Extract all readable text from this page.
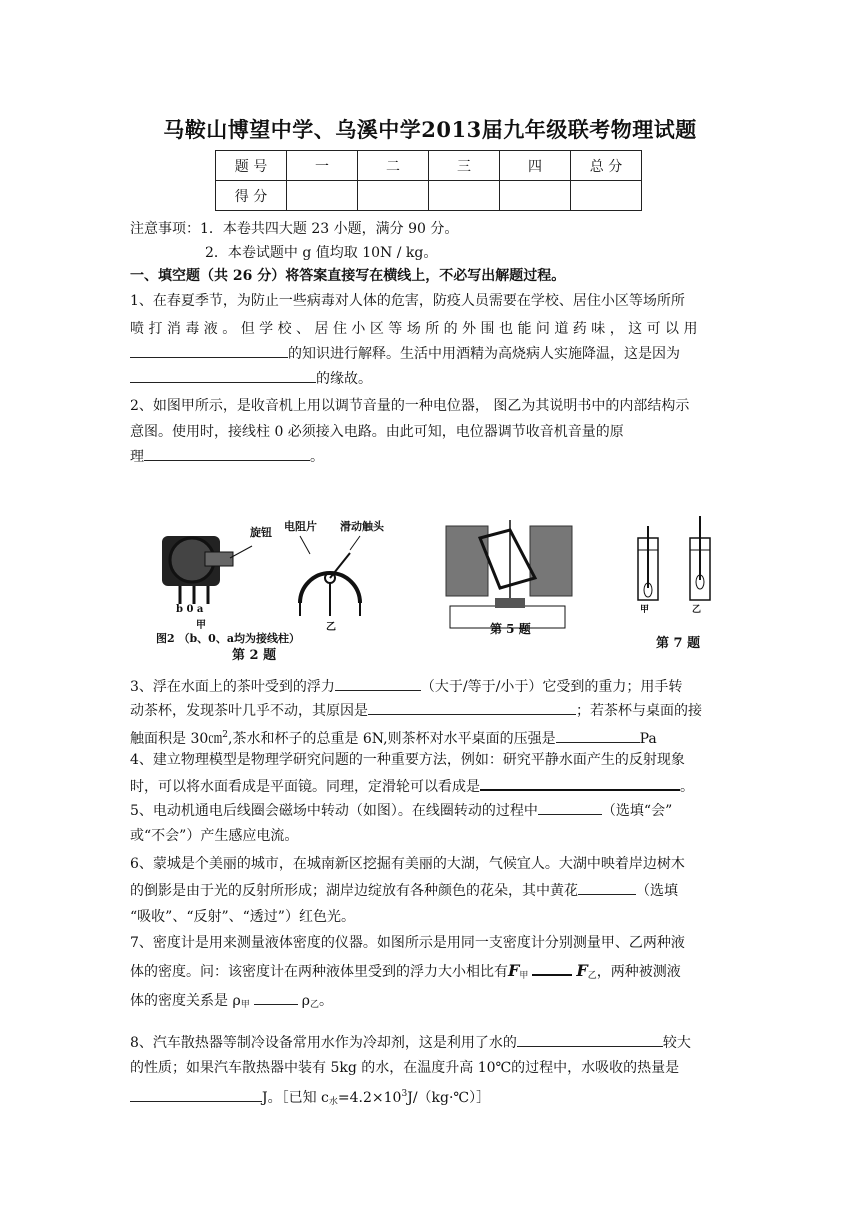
马鞍山博望中学、乌溪中学2013届九年级联考物理试题
题 号	一	二	三	四	总 分
得 分					
注意事项：1．本卷共四大题 23 小题，满分 90 分。
2．本卷试题中 g 值均取 10N / kg。
一、填空题（共 26 分）将答案直接写在横线上，不必写出解题过程。
1、在春夏季节，为防止一些病毒对人体的危害，防疫人员需要在学校、居住小区等场所所
喷 打 消 毒 液 。 但 学 校 、 居 住 小 区 等 场 所 的 外 围 也 能 问 道 药 味 ， 这 可 以 用
的知识进行解释。生活中用酒精为高烧病人实施降温，这是因为
的缘故。
2、如图甲所示，是收音机上用以调节音量的一种电位器， 图乙为其说明书中的内部结构示
意图。使用时，接线柱 0 必须接入电路。由此可知，电位器调节收音机音量的原
理	。
旋钮 电阻片 滑动触头
b 0 a
甲	乙
图2 （b、0、a均为接线柱）
第 2 题
第 5 题
甲	乙
第 7 题
3、浮在水面上的茶叶受到的浮力	（大于/等于/小于）它受到的重力；用手转
动茶杯，发现茶叶几乎不动，其原因是	；若茶杯与桌面的接
触面积是 30㎝$^2$,茶水和杯子的总重是 6N,则茶杯对水平桌面的压强是	Pa
4、建立物理模型是物理学研究问题的一种重要方法，例如：研究平静水面产生的反射现象
时，可以将水面看成是平面镜。同理，定滑轮可以看成是	。
5、电动机通电后线圈会磁场中转动（如图）。在线圈转动的过程中	（选填“会”
或“不会”）产生感应电流。
6、蒙城是个美丽的城市，在城南新区挖掘有美丽的大湖，气候宜人。大湖中映着岸边树木
的倒影是由于光的反射所形成；湖岸边绽放有各种颜色的花朵，其中黄花	（选填
“吸收”、“反射”、“透过”）红色光。
7、密度计是用来测量液体密度的仪器。如图所示是用同一支密度计分别测量甲、乙两种液
体的密度。问：该密度计在两种液体里受到的浮力大小相比有$F_甲$	$F_乙$，两种被测液
体的密度关系是 $\rho_甲$	$\rho_乙$。
8、汽车散热器等制冷设备常用水作为冷却剂，这是利用了水的	较大
的性质；如果汽车散热器中装有 5kg 的水，在温度升高 10℃的过程中，水吸收的热量是
J。［已知 $c_水=4.2\times 10^3J/(kg\cdot℃)]$
